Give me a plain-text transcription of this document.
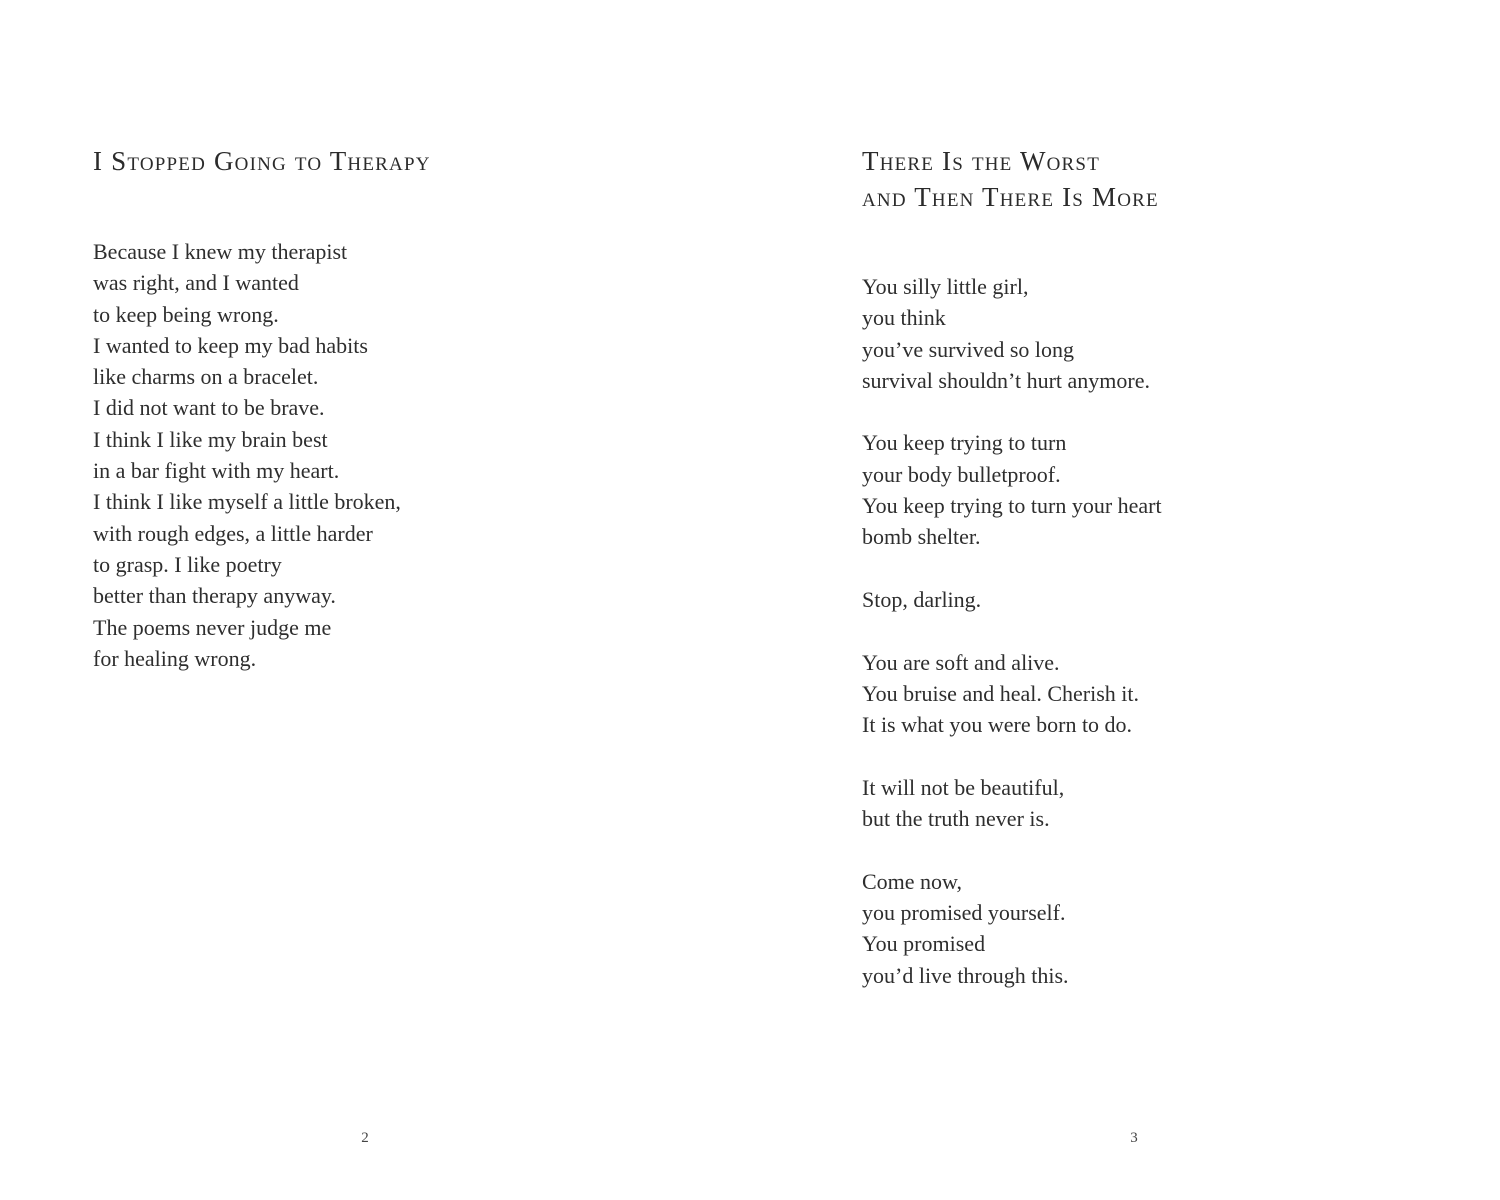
I Stopped Going to Therapy
Because I knew my therapist
was right, and I wanted
to keep being wrong.
I wanted to keep my bad habits
like charms on a bracelet.
I did not want to be brave.
I think I like my brain best
in a bar fight with my heart.
I think I like myself a little broken,
with rough edges, a little harder
to grasp. I like poetry
better than therapy anyway.
The poems never judge me
for healing wrong.
2
There Is the Worst
and Then There Is More
You silly little girl,
you think
you’ve survived so long
survival shouldn’t hurt anymore.
You keep trying to turn
your body bulletproof.
You keep trying to turn your heart
bomb shelter.
Stop, darling.
You are soft and alive.
You bruise and heal. Cherish it.
It is what you were born to do.
It will not be beautiful,
but the truth never is.
Come now,
you promised yourself.
You promised
you’d live through this.
3
